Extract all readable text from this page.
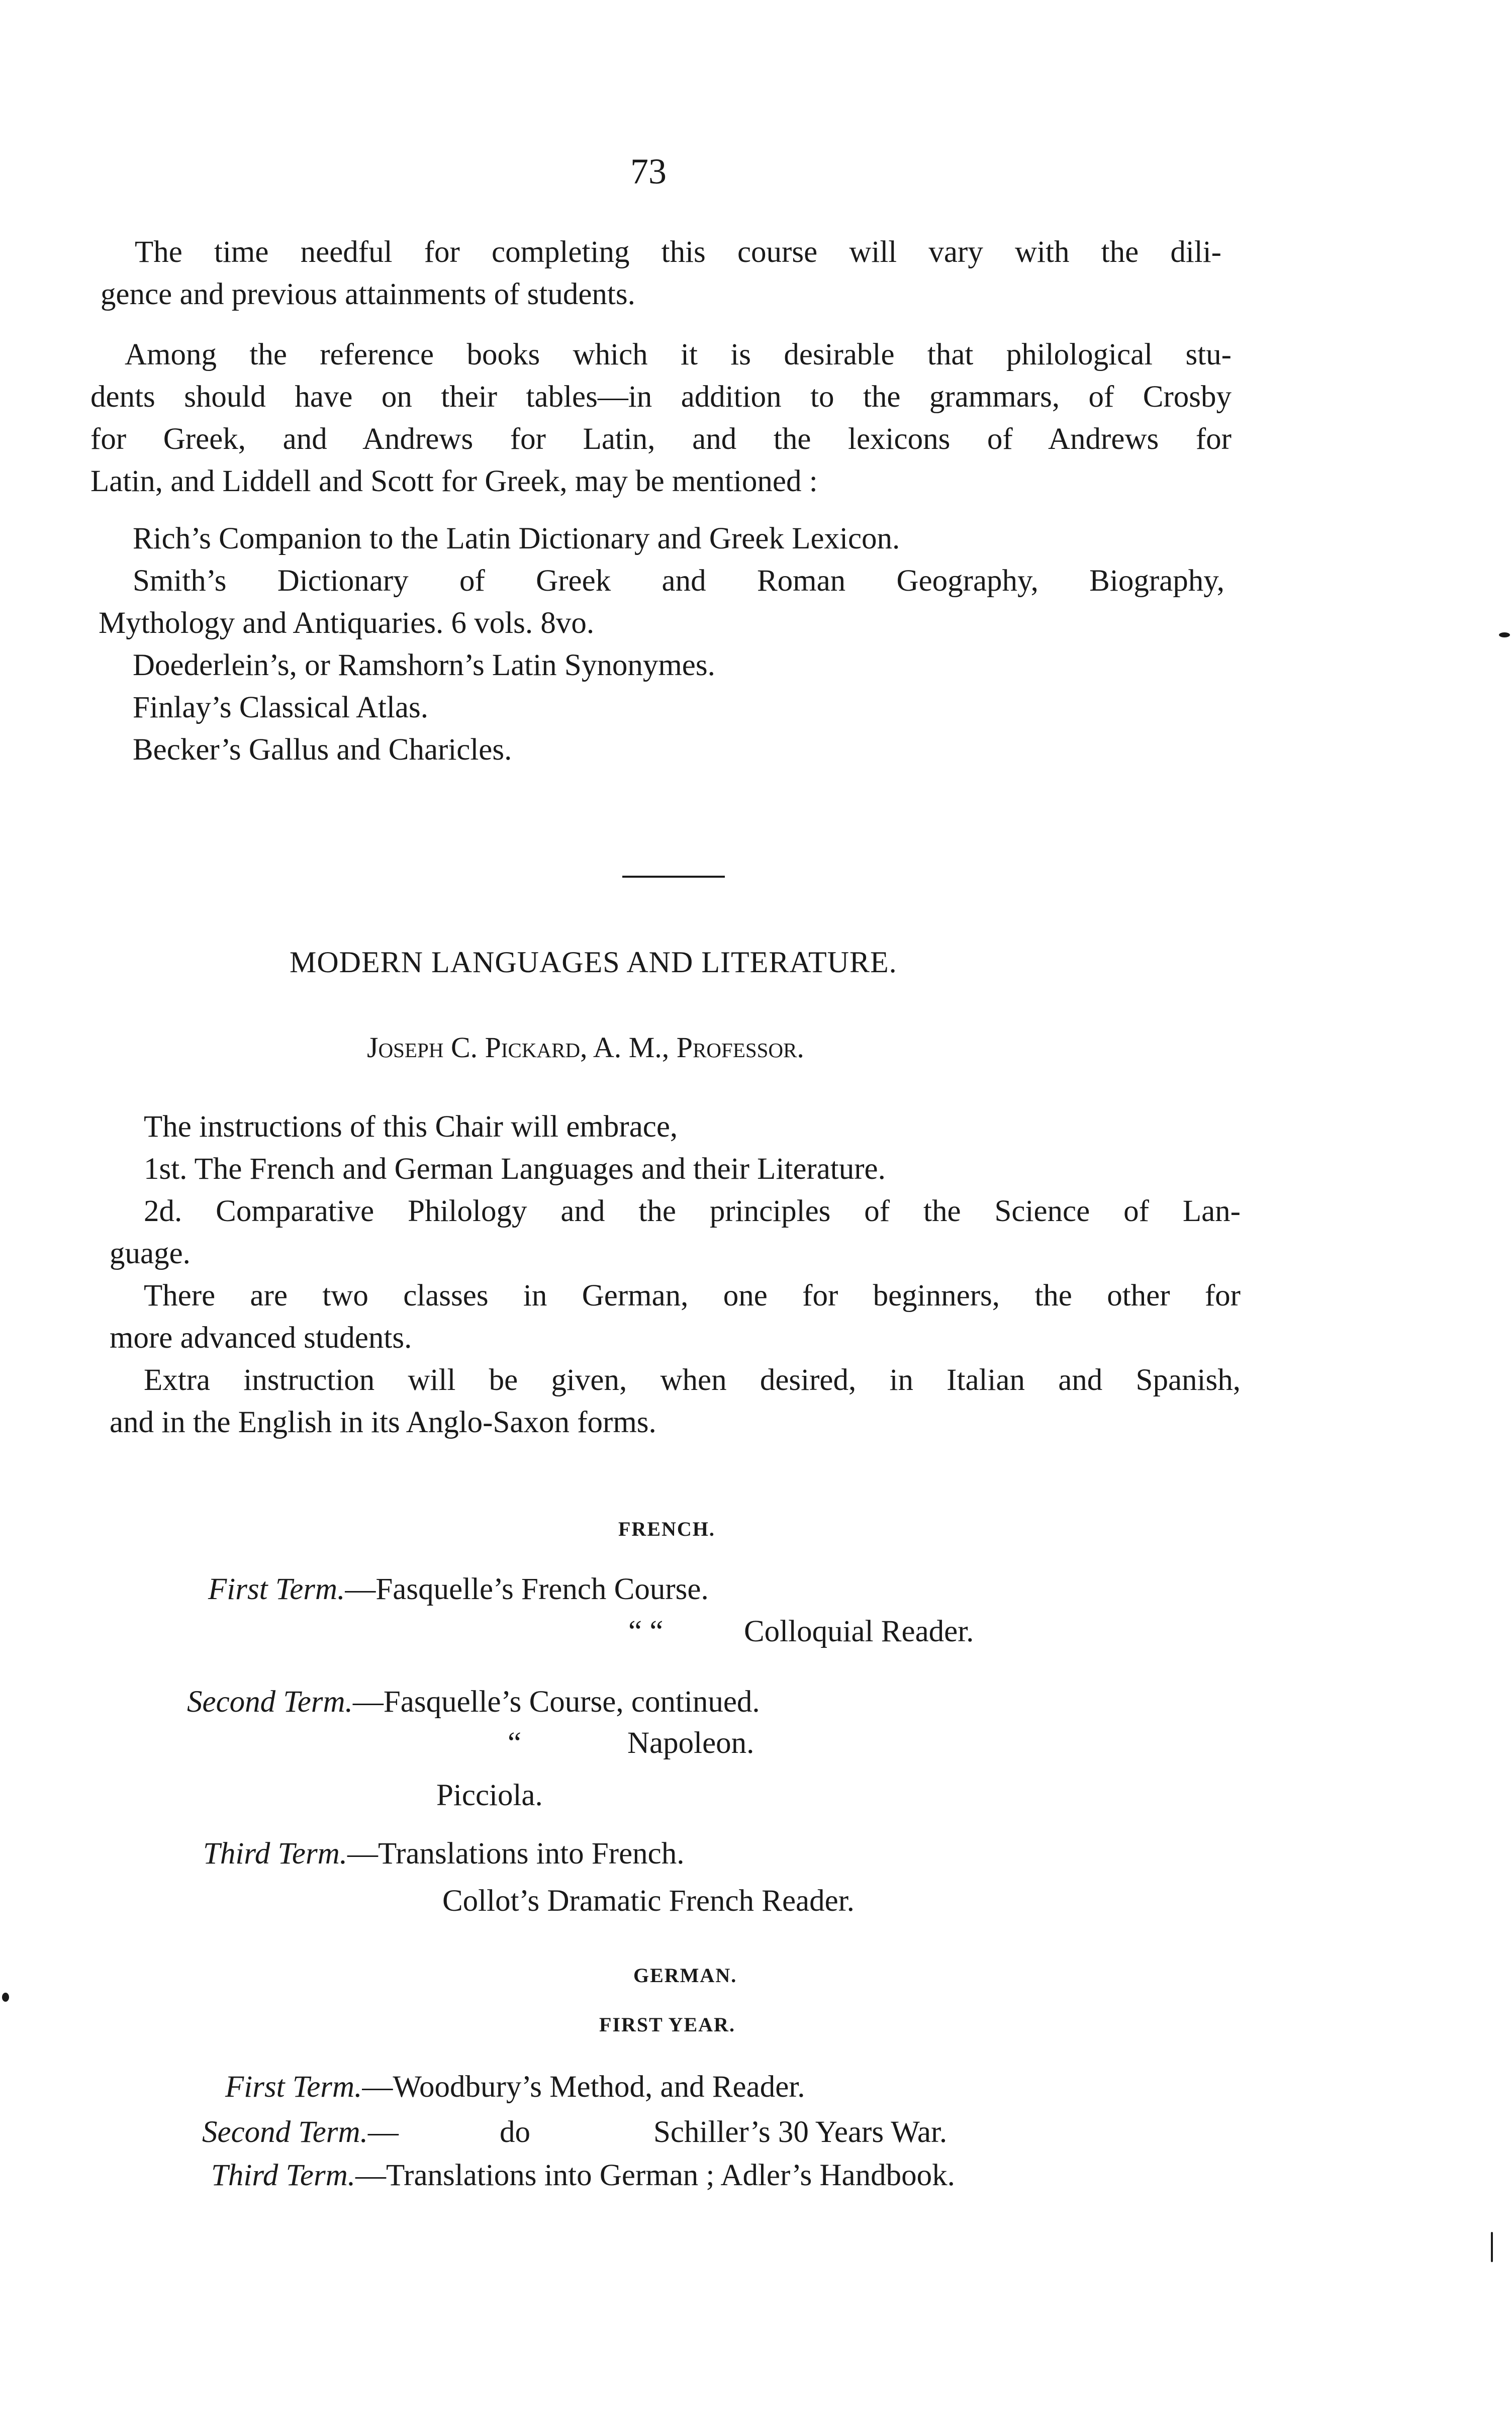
73
The time needful for completing this course will vary with the dili-
gence and previous attainments of students.
Among the reference books which it is desirable that philological stu-
dents should have on their tables—in addition to the grammars, of Crosby
for Greek, and Andrews for Latin, and the lexicons of Andrews for
Latin, and Liddell and Scott for Greek, may be mentioned :
Rich’s Companion to the Latin Dictionary and Greek Lexicon.
Smith’s Dictionary of Greek and Roman Geography, Biography,
Mythology and Antiquaries. 6 vols. 8vo.
Doederlein’s, or Ramshorn’s Latin Synonymes.
Finlay’s Classical Atlas.
Becker’s Gallus and Charicles.
MODERN LANGUAGES AND LITERATURE.
Joseph C. Pickard, A. M., Professor.
The instructions of this Chair will embrace,
1st. The French and German Languages and their Literature.
2d. Comparative Philology and the principles of the Science of Lan-
guage.
There are two classes in German, one for beginners, the other for
more advanced students.
Extra instruction will be given, when desired, in Italian and Spanish,
and in the English in its Anglo-Saxon forms.
FRENCH.
First Term.—Fasquelle’s French Course.
“ “	Colloquial Reader.
Second Term.—Fasquelle’s Course, continued.
“	Napoleon.
Picciola.
Third Term.—Translations into French.
Collot’s Dramatic French Reader.
GERMAN.
FIRST YEAR.
First Term.—Woodbury’s Method, and Reader.
Second Term.—	do	Schiller’s 30 Years War.
Third Term.—Translations into German ; Adler’s Handbook.
